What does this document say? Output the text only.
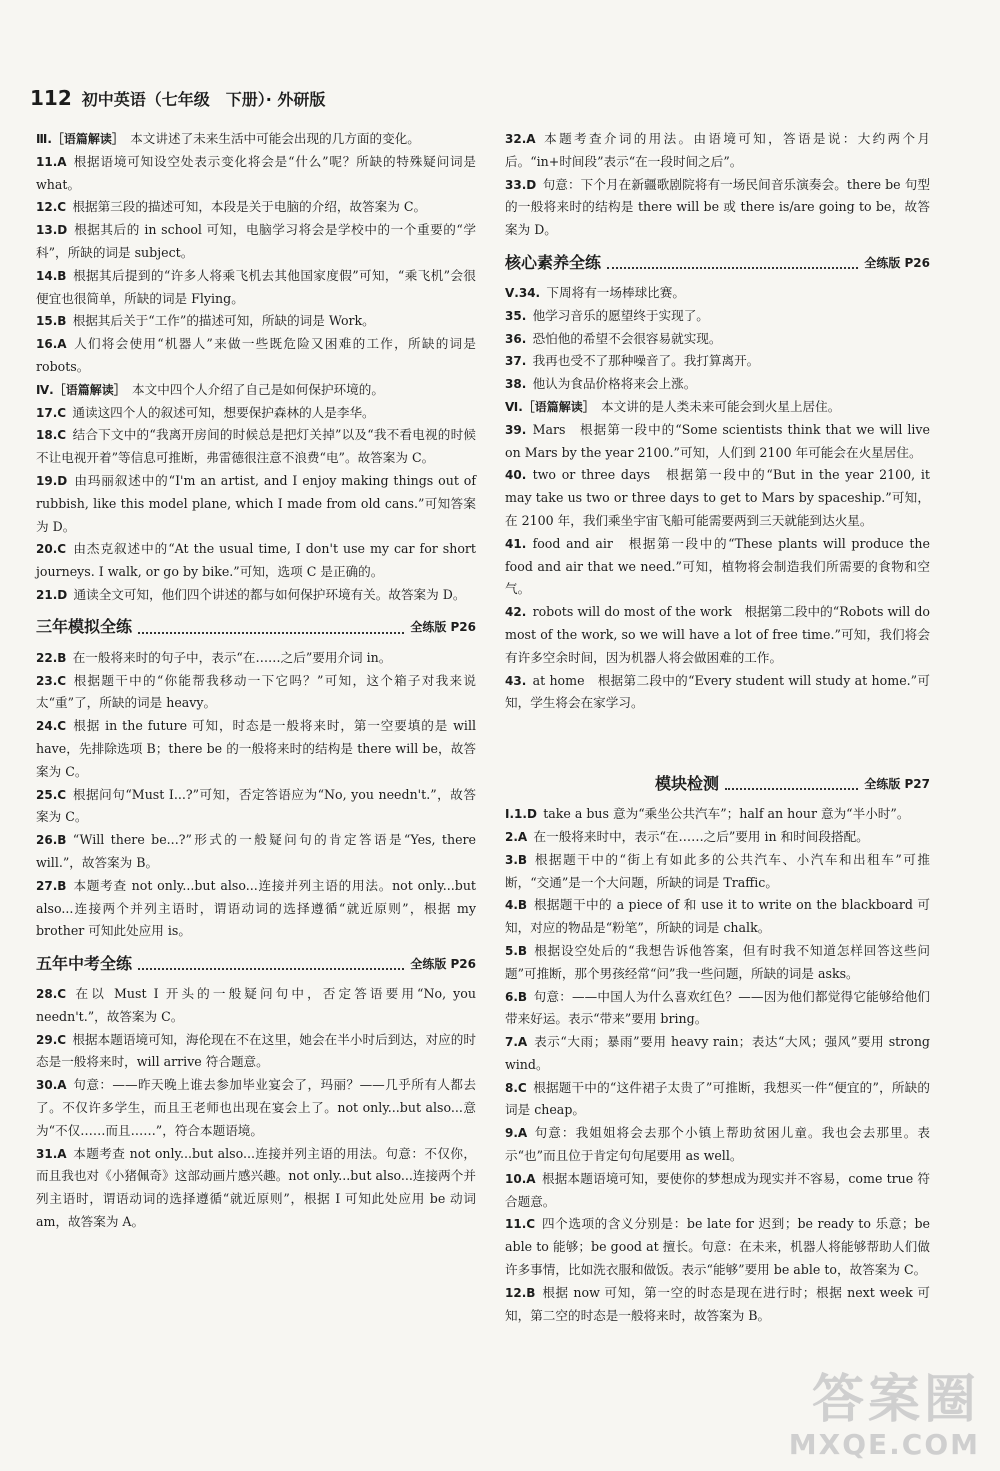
112 初中英语（七年级　下册）· 外研版

Ⅲ.［语篇解读］  本文讲述了未来生活中可能会出现的几方面的变化。

11.A  根据语境可知设空处表示变化将会是“什么”呢？所缺的特殊疑问词是 what。

12.C  根据第三段的描述可知，本段是关于电脑的介绍，故答案为 C。

13.D  根据其后的 in school 可知，电脑学习将会是学校中的一个重要的“学科”，所缺的词是 subject。

14.B  根据其后提到的“许多人将乘飞机去其他国家度假”可知，“乘飞机”会很便宜也很简单，所缺的词是 Flying。

15.B  根据其后关于“工作”的描述可知，所缺的词是 Work。

16.A  人们将会使用“机器人”来做一些既危险又困难的工作，所缺的词是 robots。

Ⅳ.［语篇解读］  本文中四个人介绍了自己是如何保护环境的。

17.C  通读这四个人的叙述可知，想要保护森林的人是李华。

18.C  结合下文中的“我离开房间的时候总是把灯关掉”以及“我不看电视的时候不让电视开着”等信息可推断，弗雷德很注意不浪费“电”。故答案为 C。

19.D  由玛丽叙述中的“I'm an artist, and I enjoy making things out of rubbish, like this model plane, which I made from old cans.”可知答案为 D。

20.C  由杰克叙述中的“At the usual time, I don't use my car for short journeys. I walk, or go by bike.”可知，选项 C 是正确的。

21.D  通读全文可知，他们四个讲述的都与如何保护环境有关。故答案为 D。

三年模拟全练	全练版 P26

22.B  在一般将来时的句子中，表示“在……之后”要用介词 in。

23.C  根据题干中的“你能帮我移动一下它吗？”可知，这个箱子对我来说太“重”了，所缺的词是 heavy。

24.C  根据 in the future 可知，时态是一般将来时，第一空要填的是 will have，先排除选项 B；there be 的一般将来时的结构是 there will be，故答案为 C。

25.C  根据问句“Must I...?”可知，否定答语应为“No, you needn't.”，故答案为 C。

26.B  “Will there be...?”形式的一般疑问句的肯定答语是“Yes, there will.”，故答案为 B。

27.B  本题考查 not only...but also...连接并列主语的用法。not only...but also...连接两个并列主语时，谓语动词的选择遵循“就近原则”，根据 my brother 可知此处应用 is。

五年中考全练	全练版 P26

28.C  在以 Must I 开头的一般疑问句中，否定答语要用“No, you needn't.”，故答案为 C。

29.C  根据本题语境可知，海伦现在不在这里，她会在半小时后到达，对应的时态是一般将来时，will arrive 符合题意。

30.A  句意：——昨天晚上谁去参加毕业宴会了，玛丽？——几乎所有人都去了。不仅许多学生，而且王老师也出现在宴会上了。not only...but also...意为“不仅……而且……”，符合本题语境。

31.A  本题考查 not only...but also...连接并列主语的用法。句意：不仅你，而且我也对《小猪佩奇》这部动画片感兴趣。not only...but also...连接两个并列主语时，谓语动词的选择遵循“就近原则”，根据 I 可知此处应用 be 动词 am，故答案为 A。

32.A  本题考查介词的用法。由语境可知，答语是说：大约两个月后。“in+时间段”表示“在一段时间之后”。

33.D  句意：下个月在新疆歌剧院将有一场民间音乐演奏会。there be 句型的一般将来时的结构是 there will be 或 there is/are going to be，故答案为 D。

核心素养全练	全练版 P26

Ⅴ.34.  下周将有一场棒球比赛。

35.  他学习音乐的愿望终于实现了。

36.  恐怕他的希望不会很容易就实现。

37.  我再也受不了那种噪音了。我打算离开。

38.  他认为食品价格将来会上涨。

Ⅵ.［语篇解读］  本文讲的是人类未来可能会到火星上居住。

39.  Mars　根据第一段中的“Some scientists think that we will live on Mars by the year 2100.”可知，人们到 2100 年可能会在火星居住。

40.  two or three days　根据第一段中的“But in the year 2100, it may take us two or three days to get to Mars by spaceship.”可知，在 2100 年，我们乘坐宇宙飞船可能需要两到三天就能到达火星。

41.  food and air　根据第一段中的“These plants will produce the food and air that we need.”可知，植物将会制造我们所需要的食物和空气。

42.  robots will do most of the work　根据第二段中的“Robots will do most of the work, so we will have a lot of free time.”可知，我们将会有许多空余时间，因为机器人将会做困难的工作。

43.  at home　根据第二段中的“Every student will study at home.”可知，学生将会在家学习。

模块检测	全练版 P27

Ⅰ.1.D  take a bus 意为“乘坐公共汽车”；half an hour 意为“半小时”。

2.A  在一般将来时中，表示“在……之后”要用 in 和时间段搭配。

3.B  根据题干中的“街上有如此多的公共汽车、小汽车和出租车”可推断，“交通”是一个大问题，所缺的词是 Traffic。

4.B  根据题干中的 a piece of 和 use it to write on the blackboard 可知，对应的物品是“粉笔”，所缺的词是 chalk。

5.B  根据设空处后的“我想告诉他答案，但有时我不知道怎样回答这些问题”可推断，那个男孩经常“问”我一些问题，所缺的词是 asks。

6.B  句意：——中国人为什么喜欢红色？——因为他们都觉得它能够给他们带来好运。表示“带来”要用 bring。

7.A  表示“大雨；暴雨”要用 heavy rain；表达“大风；强风”要用 strong wind。

8.C  根据题干中的“这件裙子太贵了”可推断，我想买一件“便宜的”，所缺的词是 cheap。

9.A  句意：我姐姐将会去那个小镇上帮助贫困儿童。我也会去那里。表示“也”而且位于肯定句句尾要用 as well。

10.A  根据本题语境可知，要使你的梦想成为现实并不容易，come true 符合题意。

11.C  四个选项的含义分别是：be late for 迟到；be ready to 乐意；be able to 能够；be good at 擅长。句意：在未来，机器人将能够帮助人们做许多事情，比如洗衣服和做饭。表示“能够”要用 be able to，故答案为 C。

12.B  根据 now 可知，第一空的时态是现在进行时；根据 next week 可知，第二空的时态是一般将来时，故答案为 B。

答案圈
MXQE.COM
